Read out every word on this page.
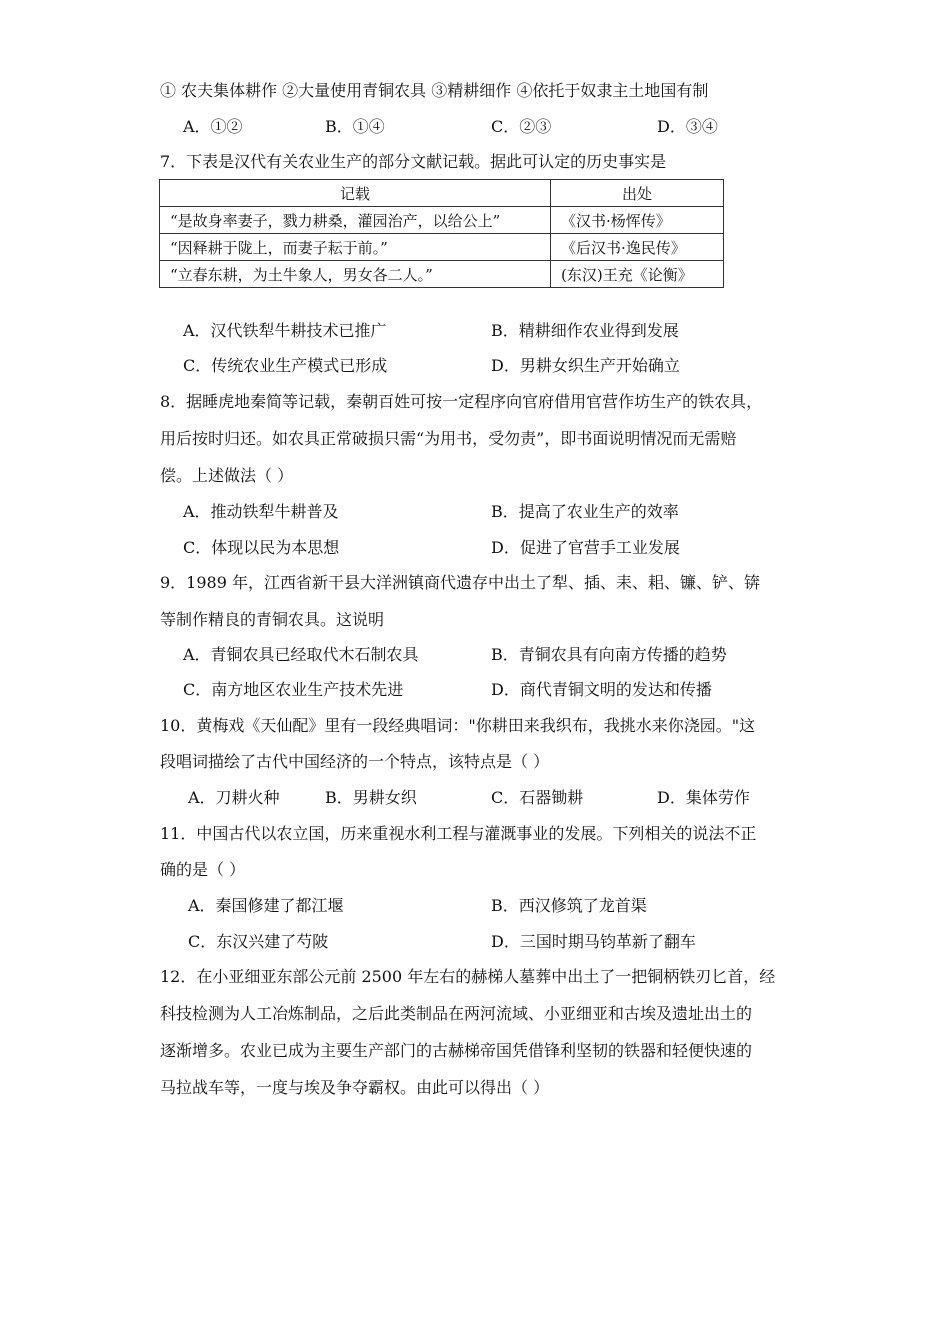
① 农夫集体耕作 ②大量使用青铜农具 ③精耕细作 ④依托于奴隶主土地国有制
A．①②	B．①④	C．②③	D．③④
7．下表是汉代有关农业生产的部分文献记载。据此可认定的历史事实是
记载	出处
“是故身率妻子，戮力耕桑，灌园治产，以给公上”	《汉书·杨恽传》
“因释耕于陇上，而妻子耘于前。”	《后汉书·逸民传》
“立春东耕，为土牛象人，男女各二人。”	(东汉)王充《论衡》
A．汉代铁犁牛耕技术已推广	B．精耕细作农业得到发展
C．传统农业生产模式已形成	D．男耕女织生产开始确立
8．据睡虎地秦简等记载，秦朝百姓可按一定程序向官府借用官营作坊生产的铁农具，
用后按时归还。如农具正常破损只需“为用书，受勿责”，即书面说明情况而无需赔
偿。上述做法（ ）
A．推动铁犁牛耕普及	B．提高了农业生产的效率
C．体现以民为本思想	D．促进了官营手工业发展
9．1989 年，江西省新干县大洋洲镇商代遗存中出土了犁、插、耒、耜、镰、铲、锛
等制作精良的青铜农具。这说明
A．青铜农具已经取代木石制农具	B．青铜农具有向南方传播的趋势
C．南方地区农业生产技术先进	D．商代青铜文明的发达和传播
10．黄梅戏《天仙配》里有一段经典唱词："你耕田来我织布，我挑水来你浇园。"这
段唱词描绘了古代中国经济的一个特点，该特点是（ ）
A．刀耕火种	B．男耕女织	C．石器锄耕	D．集体劳作
11．中国古代以农立国，历来重视水利工程与灌溉事业的发展。下列相关的说法不正
确的是（ ）
A．秦国修建了都江堰	B．西汉修筑了龙首渠
C．东汉兴建了芍陂	D．三国时期马钧革新了翻车
12．在小亚细亚东部公元前 2500 年左右的赫梯人墓葬中出土了一把铜柄铁刃匕首，经
科技检测为人工冶炼制品，之后此类制品在两河流域、小亚细亚和古埃及遗址出土的
逐渐增多。农业已成为主要生产部门的古赫梯帝国凭借锋利坚韧的铁器和轻便快速的
马拉战车等，一度与埃及争夺霸权。由此可以得出（ ）
